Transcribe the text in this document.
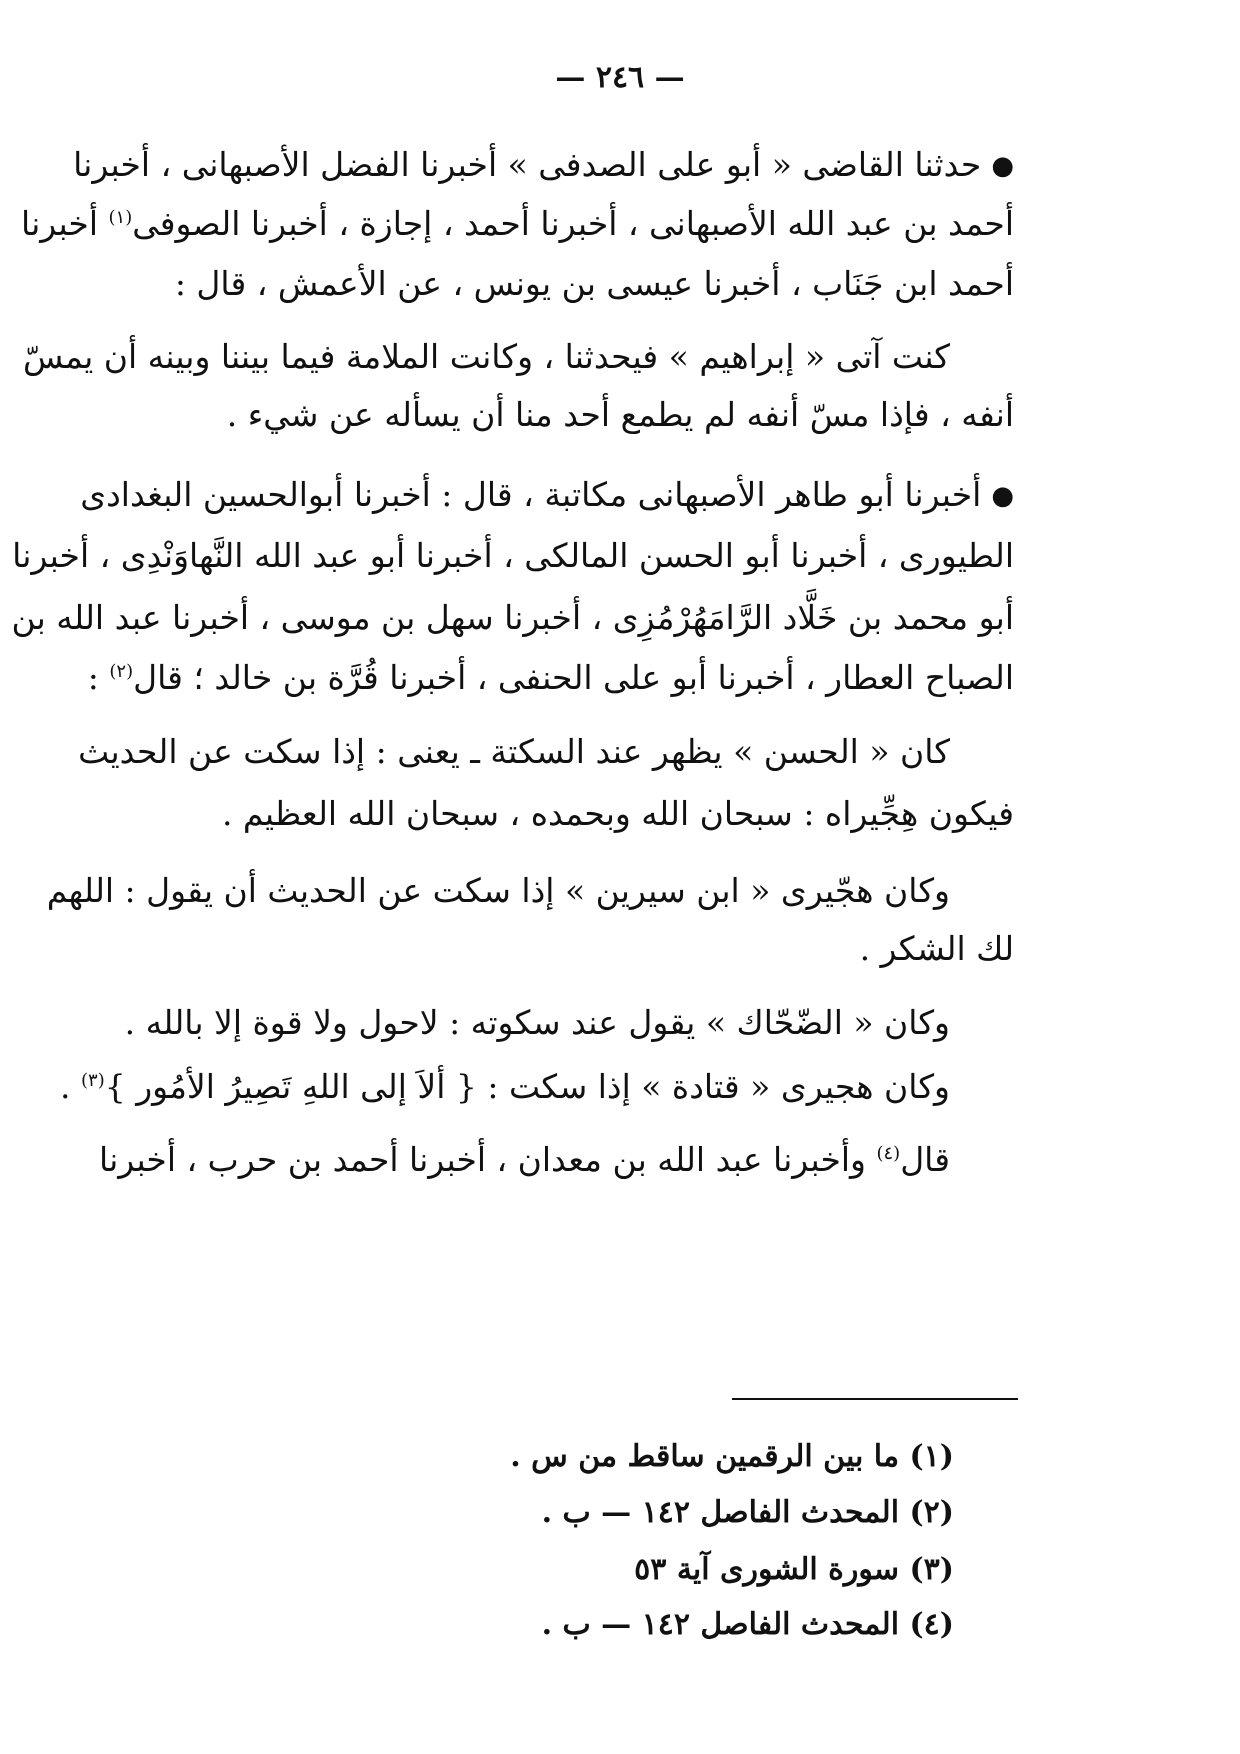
— ٢٤٦ —
●حدثنا القاضى « أبو على الصدفى » أخبرنا الفضل الأصبهانى ، أخبرنا
أحمد بن عبد الله الأصبهانى ، أخبرنا أحمد ، إجازة ، أخبرنا الصوفى$^{(١)}$ أخبرنا
أحمد ابن جَنَاب ، أخبرنا عيسى بن يونس ، عن الأعمش ، قال :
كنت آتى « إبراهيم » فيحدثنا ، وكانت الملامة فيما بيننا وبينه أن يمسّ
أنفه ، فإذا مسّ أنفه لم يطمع أحد منا أن يسأله عن شيء .
●أخبرنا أبو طاهر الأصبهانى مكاتبة ، قال : أخبرنا أبوالحسين البغدادى
الطيورى ، أخبرنا أبو الحسن المالكى ، أخبرنا أبو عبد الله النَّهاوَنْدِى ، أخبرنا
أبو محمد بن خَلَّاد الرَّامَهُرْمُزِى ، أخبرنا سهل بن موسى ، أخبرنا عبد الله بن
الصباح العطار ، أخبرنا أبو على الحنفى ، أخبرنا قُرَّة بن خالد ؛ قال$^{(٢)}$ :
كان « الحسن » يظهر عند السكتة ـ يعنى : إذا سكت عن الحديث
فيكون هِجِّيراه : سبحان الله وبحمده ، سبحان الله العظيم .
وكان هجّيرى « ابن سيرين » إذا سكت عن الحديث أن يقول : اللهم
لك الشكر .
وكان « الضّحّاك » يقول عند سكوته : لاحول ولا قوة إلا بالله .
وكان هجيرى « قتادة » إذا سكت : { ألاَ إلى اللهِ تَصِيرُ الأمُور }$^{(٣)}$ .
قال$^{(٤)}$ وأخبرنا عبد الله بن معدان ، أخبرنا أحمد بن حرب ، أخبرنا
(١) ما بين الرقمين ساقط من س .
(٢) المحدث الفاصل ١٤٢ — ب .
(٣) سورة الشورى آية ٥٣
(٤) المحدث الفاصل ١٤٢ — ب .
